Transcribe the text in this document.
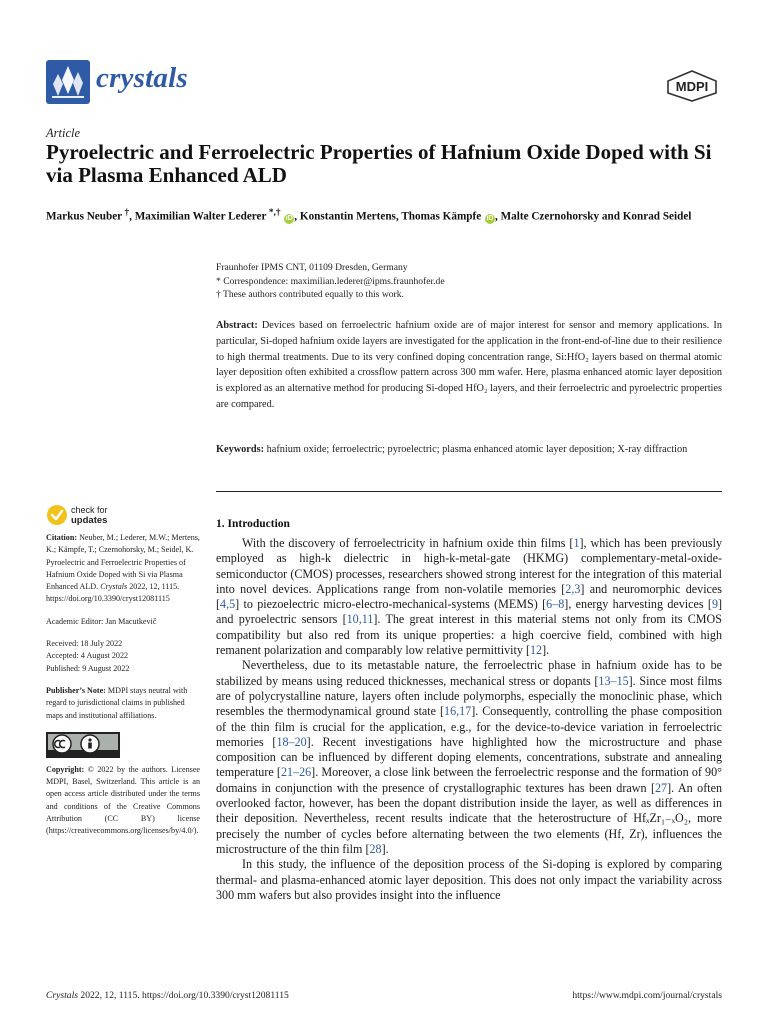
crystals	MDPI
Article
Pyroelectric and Ferroelectric Properties of Hafnium Oxide Doped with Si via Plasma Enhanced ALD
Markus Neuber †, Maximilian Walter Lederer *,† iD , Konstantin Mertens, Thomas Kämpfe iD , Malte Czernohorsky and Konrad Seidel
Fraunhofer IPMS CNT, 01109 Dresden, Germany
* Correspondence: maximilian.lederer@ipms.fraunhofer.de
† These authors contributed equally to this work.
Abstract: Devices based on ferroelectric hafnium oxide are of major interest for sensor and memory applications. In particular, Si-doped hafnium oxide layers are investigated for the application in the front-end-of-line due to their resilience to high thermal treatments. Due to its very confined doping concentration range, Si:HfO₂ layers based on thermal atomic layer deposition often exhibited a crossflow pattern across 300 mm wafer. Here, plasma enhanced atomic layer deposition is explored as an alternative method for producing Si-doped HfO₂ layers, and their ferroelectric and pyroelectric properties are compared.
Keywords: hafnium oxide; ferroelectric; pyroelectric; plasma enhanced atomic layer deposition; X-ray diffraction
check for
updates

Citation: Neuber, M.; Lederer, M.W.; Mertens, K.; Kämpfe, T.; Czernohorsky, M.; Seidel, K. Pyroelectric and Ferroelectric Properties of Hafnium Oxide Doped with Si via Plasma Enhanced ALD. Crystals 2022, 12, 1115. https://doi.org/10.3390/cryst12081115

Academic Editor: Jan Macutkevič

Received: 18 July 2022
Accepted: 4 August 2022
Published: 9 August 2022

Publisher’s Note: MDPI stays neutral with regard to jurisdictional claims in published maps and institutional affiliations.

Copyright: © 2022 by the authors. Licensee MDPI, Basel, Switzerland. This article is an open access article distributed under the terms and conditions of the Creative Commons Attribution (CC BY) license (https://creativecommons.org/licenses/by/4.0/).

1. Introduction

With the discovery of ferroelectricity in hafnium oxide thin films [1], which has been previously employed as high-k dielectric in high-k-metal-gate (HKMG) complementary-metal-oxide-semiconductor (CMOS) processes, researchers showed strong interest for the integration of this material into novel devices. Applications range from non-volatile memories [2,3] and neuromorphic devices [4,5] to piezoelectric micro-electro-mechanical-systems (MEMS) [6–8], energy harvesting devices [9] and pyroelectric sensors [10,11]. The great interest in this material stems not only from its CMOS compatibility but also red from its unique properties: a high coercive field, combined with high remanent polarization and comparably low relative permittivity [12].

Nevertheless, due to its metastable nature, the ferroelectric phase in hafnium oxide has to be stabilized by means using reduced thicknesses, mechanical stress or dopants [13–15]. Since most films are of polycrystalline nature, layers often include polymorphs, especially the monoclinic phase, which resembles the thermodynamical ground state [16,17]. Consequently, controlling the phase composition of the thin film is crucial for the application, e.g., for the device-to-device variation in ferroelectric memories [18–20]. Recent investigations have highlighted how the microstructure and phase composition can be influenced by different doping elements, concentrations, substrate and annealing temperature [21–26]. Moreover, a close link between the ferroelectric response and the formation of 90° domains in conjunction with the presence of crystallographic textures has been drawn [27]. An often overlooked factor, however, has been the dopant distribution inside the layer, as well as differences in their deposition. Nevertheless, recent results indicate that the heterostructure of Hfₓ‌Zr₁₋ₓO₂, more precisely the number of cycles before alternating between the two elements (Hf, Zr), influences the microstructure of the thin film [28].

In this study, the influence of the deposition process of the Si-doping is explored by comparing thermal- and plasma-enhanced atomic layer deposition. This does not only impact the variability across 300 mm wafers but also provides insight into the influence

Crystals 2022, 12, 1115. https://doi.org/10.3390/cryst12081115	https://www.mdpi.com/journal/crystals
